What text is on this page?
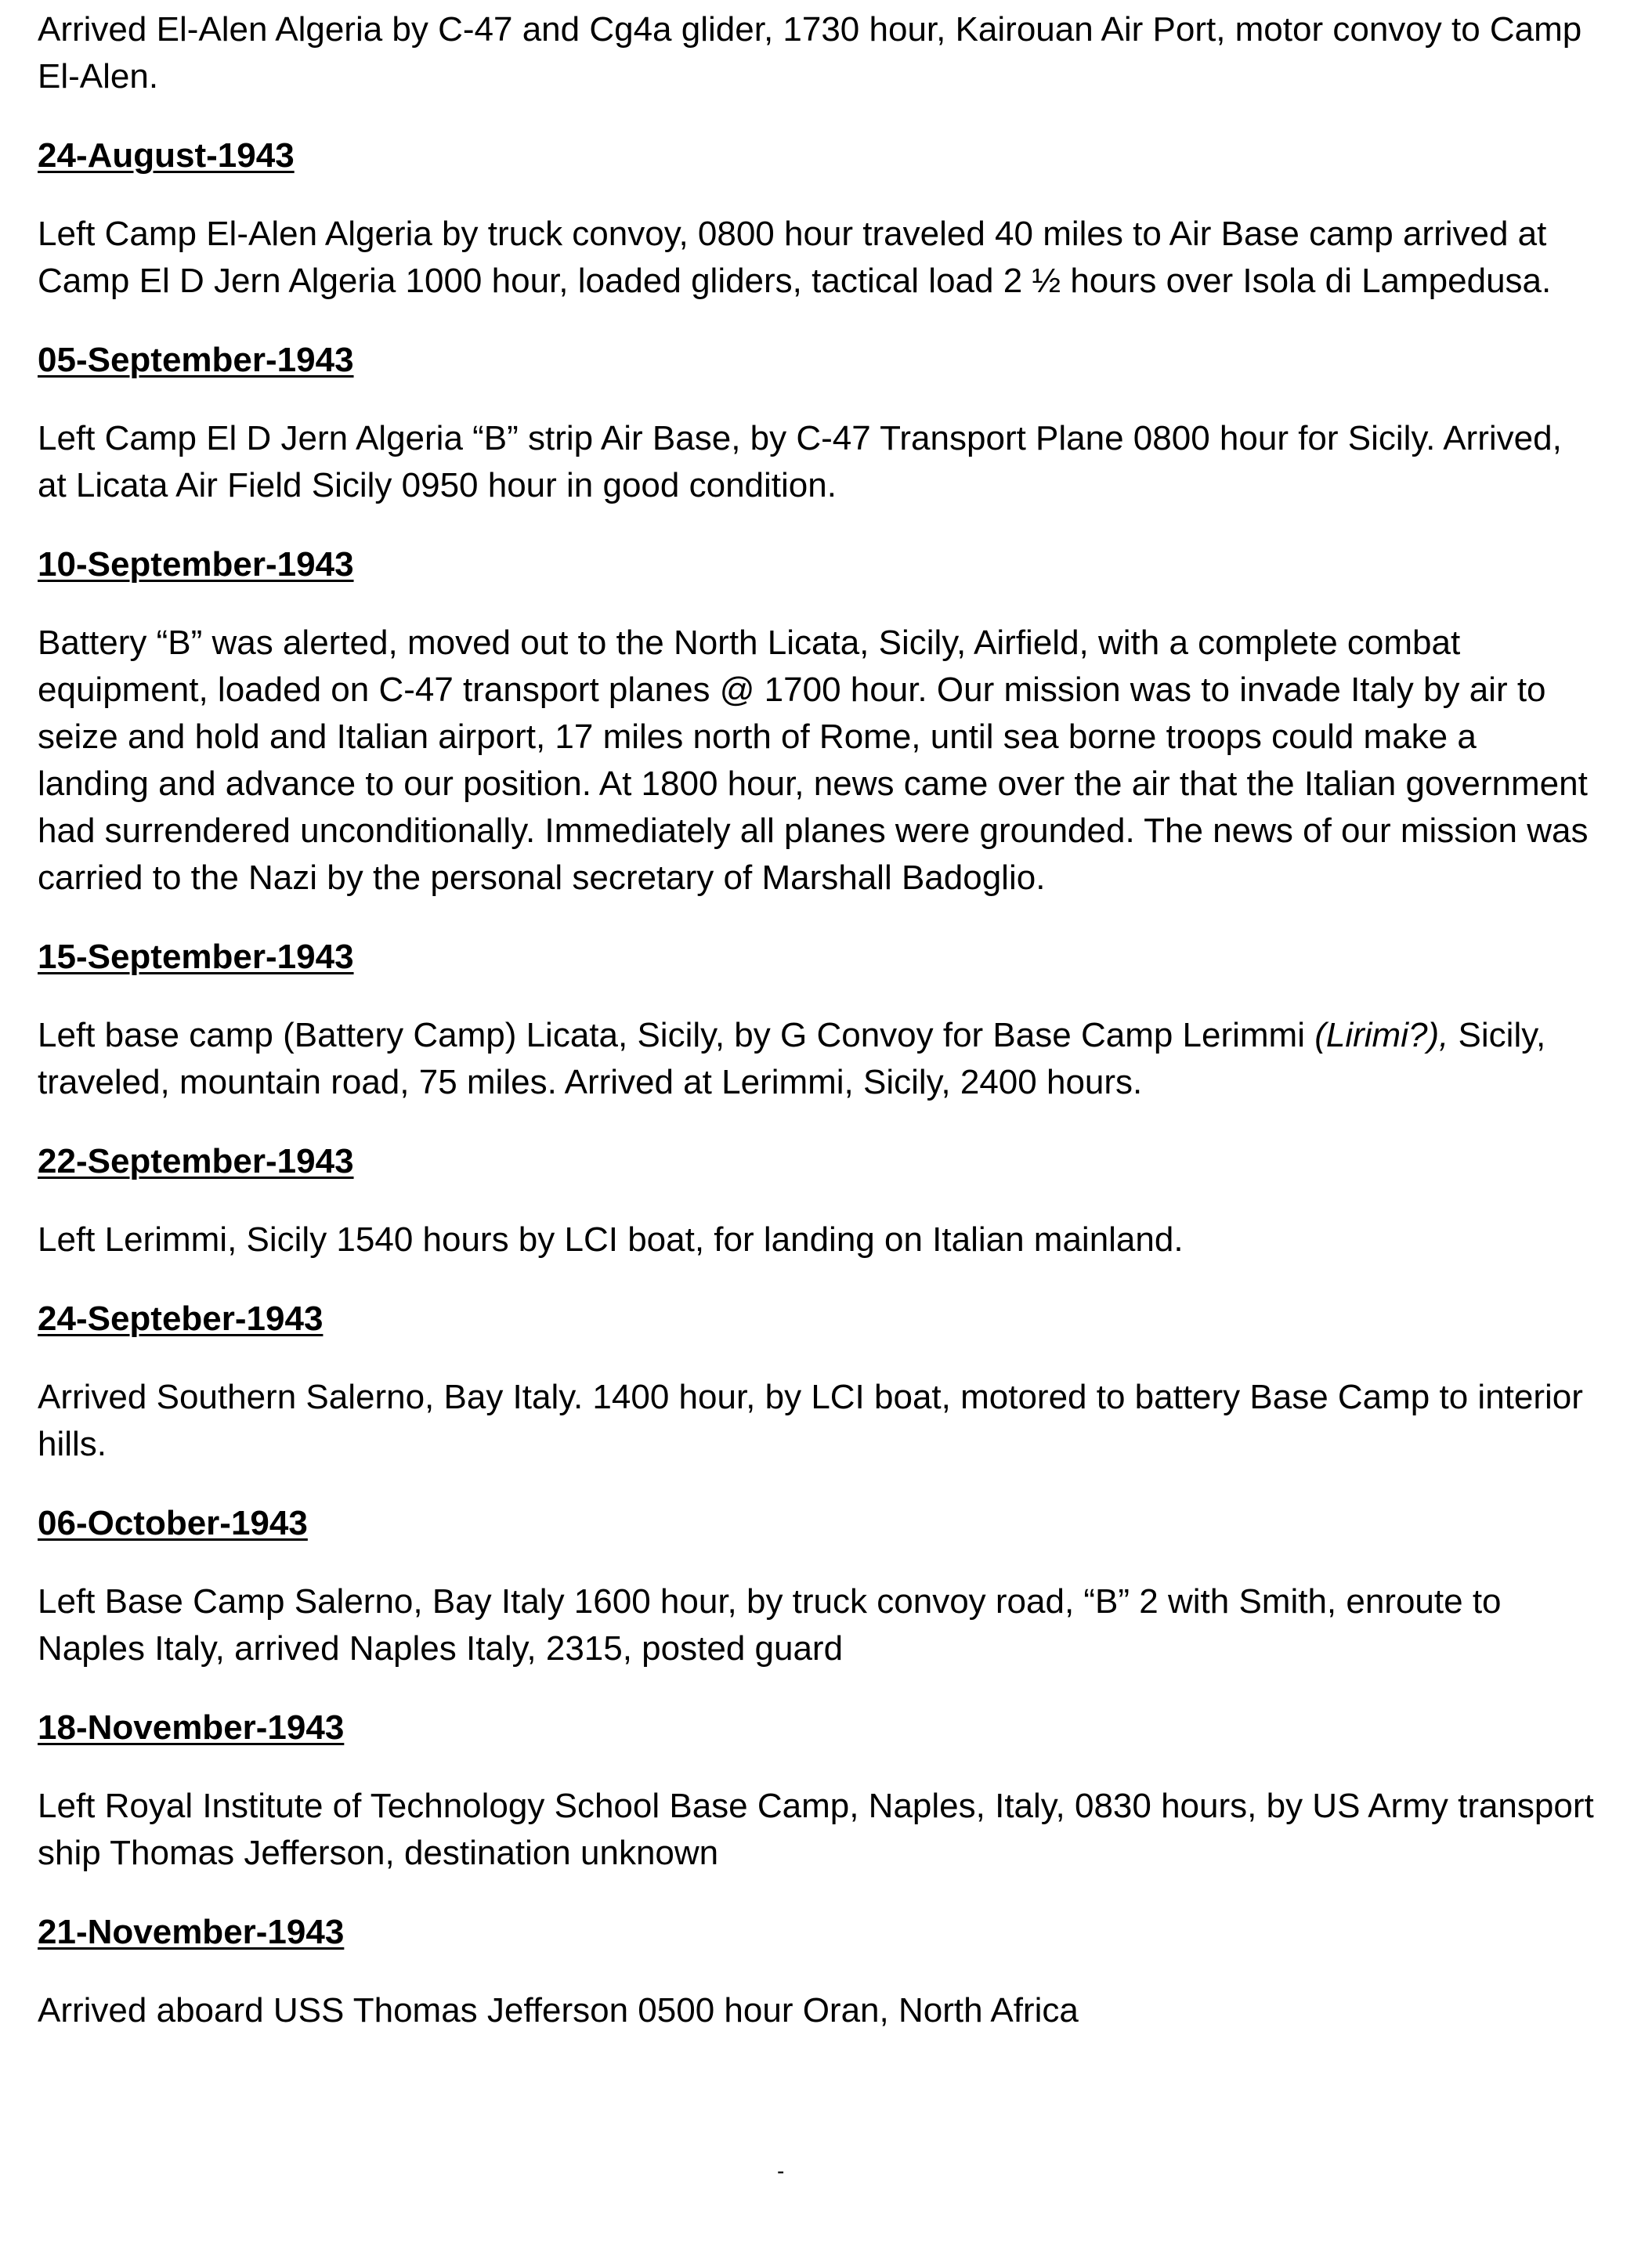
Arrived El-Alen Algeria by C-47 and Cg4a glider, 1730 hour, Kairouan Air Port, motor convoy to Camp El-Alen.

24-August-1943

Left Camp El-Alen Algeria by truck convoy, 0800 hour traveled 40 miles to Air Base camp arrived at Camp El D Jern Algeria 1000 hour, loaded gliders, tactical load 2 ½ hours over Isola di Lampedusa.

05-September-1943

Left Camp El D Jern Algeria “B” strip Air Base, by C-47 Transport Plane 0800 hour for Sicily. Arrived, at Licata Air Field Sicily 0950 hour in good condition.

10-September-1943

Battery “B” was alerted, moved out to the North Licata, Sicily, Airfield, with a complete combat equipment, loaded on C-47 transport planes @ 1700 hour. Our mission was to invade Italy by air to seize and hold and Italian airport, 17 miles north of Rome, until sea borne troops could make a landing and advance to our position. At 1800 hour, news came over the air that the Italian government had surrendered unconditionally. Immediately all planes were grounded. The news of our mission was carried to the Nazi by the personal secretary of Marshall Badoglio.

15-September-1943

Left base camp (Battery Camp) Licata, Sicily, by G Convoy for Base Camp Lerimmi (Lirimi?), Sicily, traveled, mountain road, 75 miles. Arrived at Lerimmi, Sicily, 2400 hours.

22-September-1943

Left Lerimmi, Sicily 1540 hours by LCI boat, for landing on Italian mainland.

24-Septeber-1943

Arrived Southern Salerno, Bay Italy. 1400 hour, by LCI boat, motored to battery Base Camp to interior hills.

06-October-1943

Left Base Camp Salerno, Bay Italy 1600 hour, by truck convoy road, “B” 2 with Smith, enroute to Naples Italy, arrived Naples Italy, 2315, posted guard

18-November-1943

Left Royal Institute of Technology School Base Camp, Naples, Italy, 0830 hours, by US Army transport ship Thomas Jefferson, destination unknown

21-November-1943

Arrived aboard USS Thomas Jefferson 0500 hour Oran, North Africa

-
